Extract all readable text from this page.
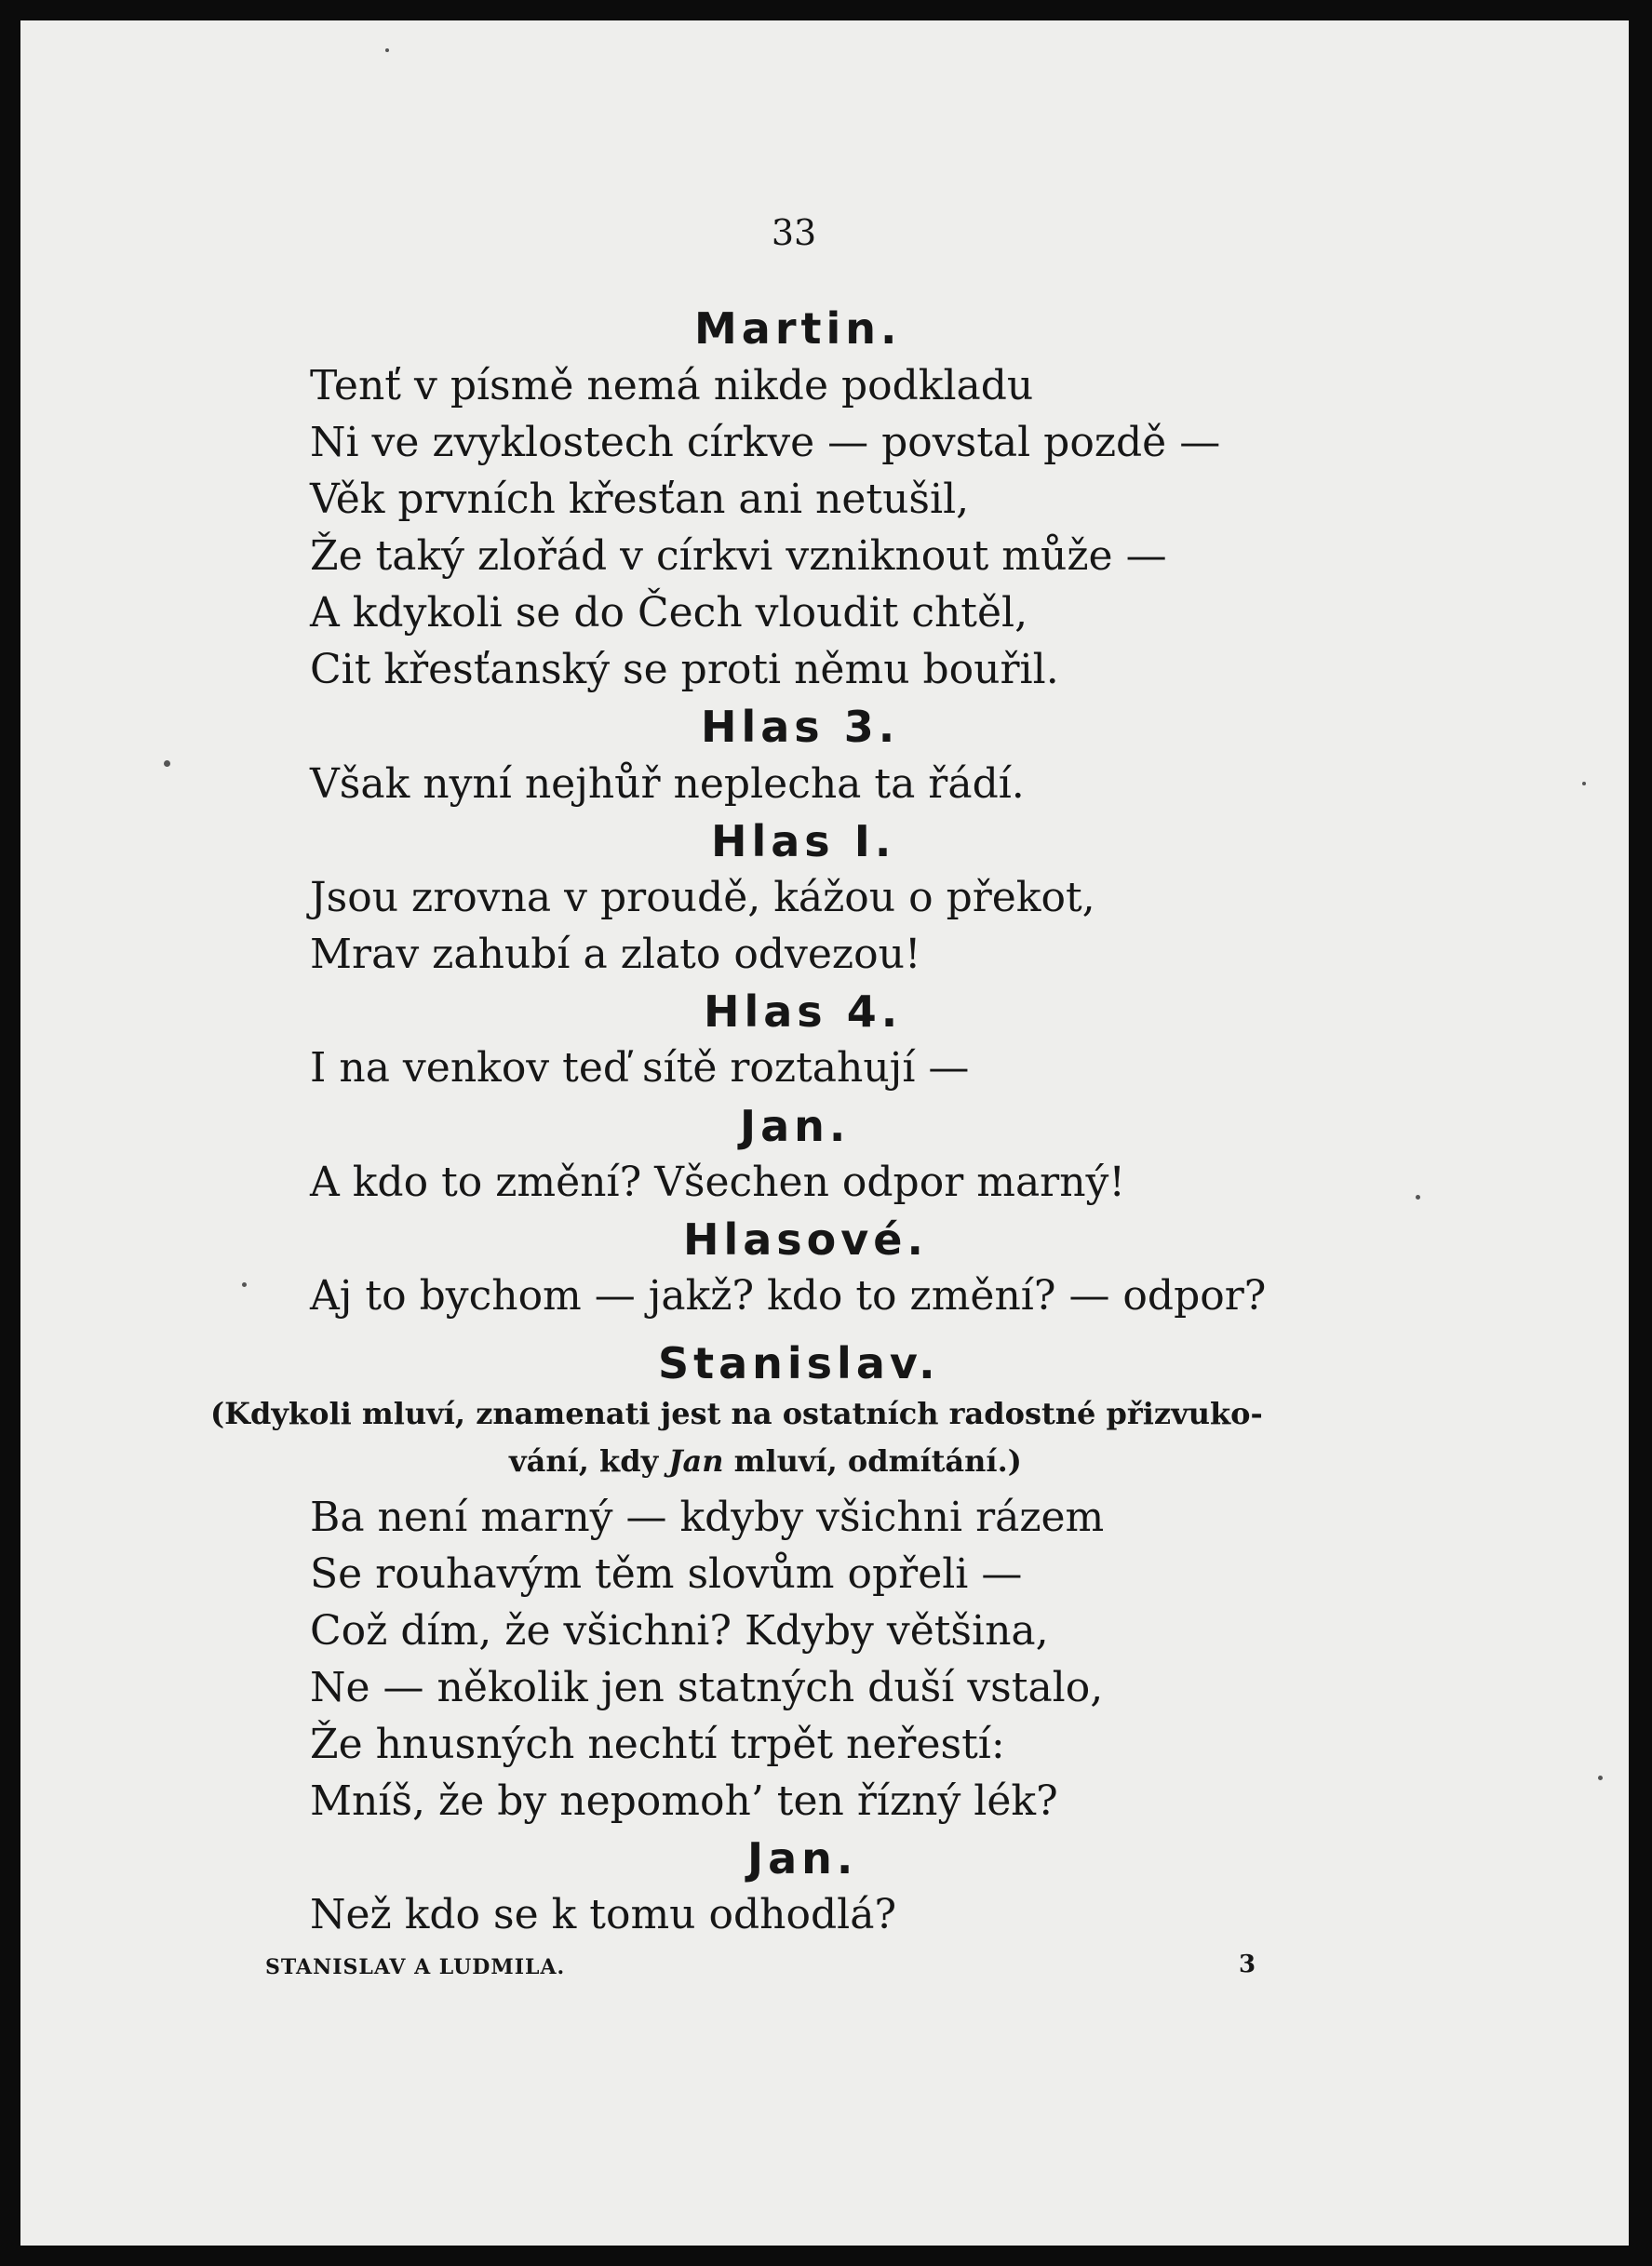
33
Martin.
Tenť v písmě nemá nikde podkladu
Ni ve zvyklostech církve — povstal pozdě —
Věk prvních křesťan ani netušil,
Že taký zlořád v církvi vzniknout může —
A kdykoli se do Čech vloudit chtěl,
Cit křesťanský se proti němu bouřil.
Hlas 3.
Však nyní nejhůř neplecha ta řádí.
Hlas I.
Jsou zrovna v proudě, kážou o překot,
Mrav zahubí a zlato odvezou!
Hlas 4.
I na venkov teď sítě roztahují —
Jan.
A kdo to změní? Všechen odpor marný!
Hlasové.
Aj to bychom — jakž? kdo to změní? — odpor?
Stanislav.
(Kdykoli mluví, znamenati jest na ostatních radostné přizvuko-
vání, kdy Jan mluví, odmítání.)
Ba není marný — kdyby všichni rázem
Se rouhavým těm slovům opřeli —
Což dím, že všichni? Kdyby většina,
Ne — několik jen statných duší vstalo,
Že hnusných nechtí trpět neřestí:
Mníš, že by nepomoh’ ten řízný lék?
Jan.
Než kdo se k tomu odhodlá?
STANISLAV A LUDMILA.	3
